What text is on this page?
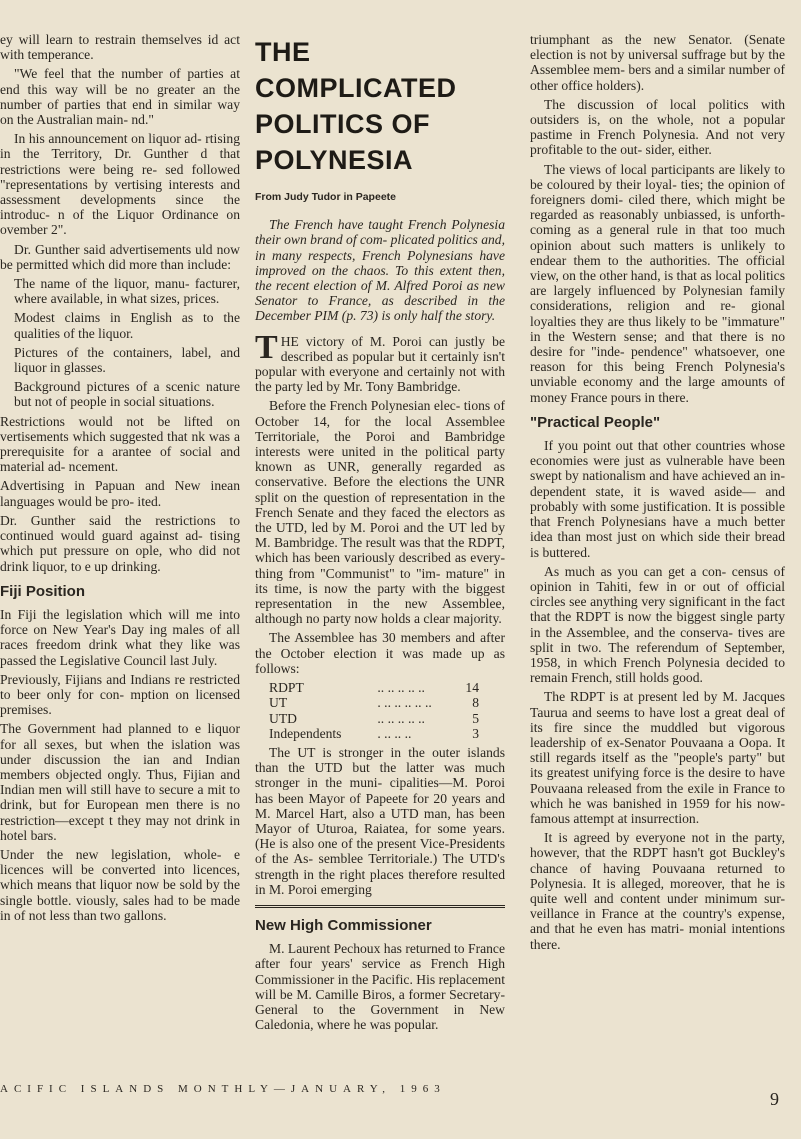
ey will learn to restrain themselves id act with temperance.

"We feel that the number of parties at end this way will be no greater an the number of parties that end in similar way on the Australian main- nd."

In his announcement on liquor ad- rtising in the Territory, Dr. Gunther d that restrictions were being re- sed followed "representations by vertising interests and assessment developments since the introduc- n of the Liquor Ordinance on ovember 2".

Dr. Gunther said advertisements uld now be permitted which did more than include:

The name of the liquor, manu- facturer, where available, in what sizes, prices.

Modest claims in English as to the qualities of the liquor.

Pictures of the containers, label, and liquor in glasses.

Background pictures of a scenic nature but not of people in social situations.

Restrictions would not be lifted on vertisements which suggested that nk was a prerequisite for a arantee of social and material ad- ncement.

Advertising in Papuan and New inean languages would be pro- ited.

Dr. Gunther said the restrictions to continued would guard against ad- tising which put pressure on ople, who did not drink liquor, to e up drinking.

Fiji Position

In Fiji the legislation which will me into force on New Year's Day ing males of all races freedom drink what they like was passed the Legislative Council last July.

Previously, Fijians and Indians re restricted to beer only for con- mption on licensed premises.

The Government had planned to e liquor for all sexes, but when the islation was under discussion the ian and Indian members objected ongly. Thus, Fijian and Indian men will still have to secure a mit to drink, but for European men there is no restriction—except t they may not drink in hotel bars.

Under the new legislation, whole- e licences will be converted into licences, which means that liquor now be sold by the single bottle. viously, sales had to be made in of not less than two gallons.

THE COMPLICATED
POLITICS OF
POLYNESIA

From Judy Tudor in Papeete

The French have taught French Polynesia their own brand of com- plicated politics and, in many respects, French Polynesians have improved on the chaos. To this extent then, the recent election of M. Alfred Poroi as new Senator to France, as described in the December PIM (p. 73) is only half the story.

THE victory of M. Poroi can justly be described as popular but it certainly isn't popular with everyone and certainly not with the party led by Mr. Tony Bambridge.

Before the French Polynesian elec- tions of October 14, for the local Assemblee Territoriale, the Poroi and Bambridge interests were united in the political party known as UNR, generally regarded as conservative. Before the elections the UNR split on the question of representation in the French Senate and they faced the electors as the UTD, led by M. Poroi and the UT led by M. Bambridge. The result was that the RDPT, which has been variously described as every- thing from "Communist" to "im- mature" in its time, is now the party with the biggest representation in the new Assemblee, although no party now holds a clear majority.

The Assemblee has 30 members and after the October election it was made up as follows:

RDPT	.. .. .. .. ..	14
UT	. .. .. .. .. ..	8
UTD	.. .. .. .. ..	5
Independents	. .. .. ..	3

The UT is stronger in the outer islands than the UTD but the latter was much stronger in the muni- cipalities—M. Poroi has been Mayor of Papeete for 20 years and M. Marcel Hart, also a UTD man, has been Mayor of Uturoa, Raiatea, for some years. (He is also one of the present Vice-Presidents of the As- semblee Territoriale.) The UTD's strength in the right places therefore resulted in M. Poroi emerging

New High Commissioner

M. Laurent Pechoux has returned to France after four years' service as French High Commissioner in the Pacific. His replacement will be M. Camille Biros, a former Secretary- General to the Government in New Caledonia, where he was popular.

triumphant as the new Senator. (Senate election is not by universal suffrage but by the Assemblee mem- bers and a similar number of other office holders).

The discussion of local politics with outsiders is, on the whole, not a popular pastime in French Polynesia. And not very profitable to the out- sider, either.

The views of local participants are likely to be coloured by their loyal- ties; the opinion of foreigners domi- ciled there, which might be regarded as reasonably unbiassed, is unforth- coming as a general rule in that too much opinion about such matters is unlikely to endear them to the authorities. The official view, on the other hand, is that as local politics are largely influenced by Polynesian family considerations, religion and re- gional loyalties they are thus likely to be "immature" in the Western sense; and that there is no desire for "inde- pendence" whatsoever, one reason for this being French Polynesia's unviable economy and the large amounts of money France pours in there.

"Practical People"

If you point out that other countries whose economies were just as vulnerable have been swept by nationalism and have achieved an in- dependent state, it is waved aside— and probably with some justification. It is possible that French Polynesians have a much better idea than most just on which side their bread is buttered.

As much as you can get a con- census of opinion in Tahiti, few in or out of official circles see anything very significant in the fact that the RDPT is now the biggest single party in the Assemblee, and the conserva- tives are split in two. The referendum of September, 1958, in which French Polynesia decided to remain French, still holds good.

The RDPT is at present led by M. Jacques Taurua and seems to have lost a great deal of its fire since the muddled but vigorous leadership of ex-Senator Pouvaana a Oopa. It still regards itself as the "people's party" but its greatest unifying force is the desire to have Pouvaana released from the exile in France to which he was banished in 1959 for his now- famous attempt at insurrection.

It is agreed by everyone not in the party, however, that the RDPT hasn't got Buckley's chance of having Pouvaana returned to Polynesia. It is alleged, moreover, that he is quite well and content under minimum sur- veillance in France at the country's expense, and that he even has matri- monial intentions there.

ACIFIC ISLANDS MONTHLY—JANUARY, 1963	9
